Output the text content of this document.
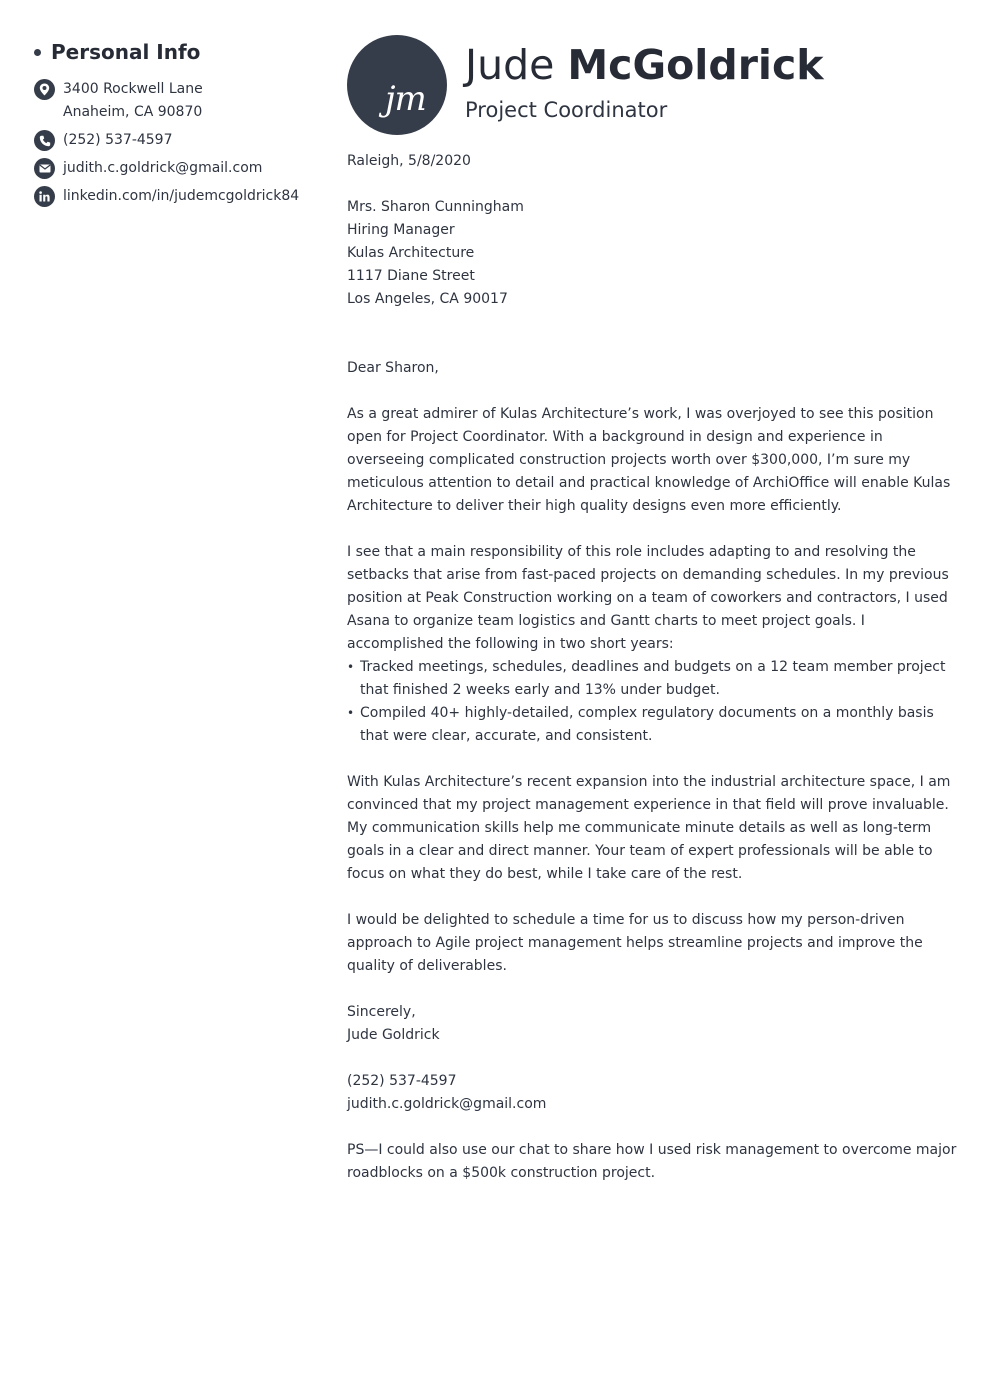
Personal Info
3400 Rockwell Lane
Anaheim, CA 90870
(252) 537-4597
judith.c.goldrick@gmail.com
linkedin.com/in/judemcgoldrick84
jm
Jude McGoldrick
Project Coordinator

Raleigh, 5/8/2020

Mrs. Sharon Cunningham

Hiring Manager

Kulas Architecture

1117 Diane Street

Los Angeles, CA 90017

Dear Sharon,

As a great admirer of Kulas Architecture’s work, I was overjoyed to see this position open for Project Coordinator. With a background in design and experience in overseeing complicated construction projects worth over $300,000, I’m sure my meticulous attention to detail and practical knowledge of ArchiOffice will enable Kulas Architecture to deliver their high quality designs even more efficiently.

I see that a main responsibility of this role includes adapting to and resolving the setbacks that arise from fast-paced projects on demanding schedules. In my previous position at Peak Construction working on a team of coworkers and contractors, I used Asana to organize team logistics and Gantt charts to meet project goals. I accomplished the following in two short years:

• Tracked meetings, schedules, deadlines and budgets on a 12 team member project that finished 2 weeks early and 13% under budget.
• Compiled 40+ highly-detailed, complex regulatory documents on a monthly basis that were clear, accurate, and consistent.

With Kulas Architecture’s recent expansion into the industrial architecture space, I am convinced that my project management experience in that field will prove invaluable. My communication skills help me communicate minute details as well as long-term goals in a clear and direct manner. Your team of expert professionals will be able to focus on what they do best, while I take care of the rest.

I would be delighted to schedule a time for us to discuss how my person-driven approach to Agile project management helps streamline projects and improve the quality of deliverables.

Sincerely,

Jude Goldrick

(252) 537-4597

judith.c.goldrick@gmail.com

PS—I could also use our chat to share how I used risk management to overcome major roadblocks on a $500k construction project.
